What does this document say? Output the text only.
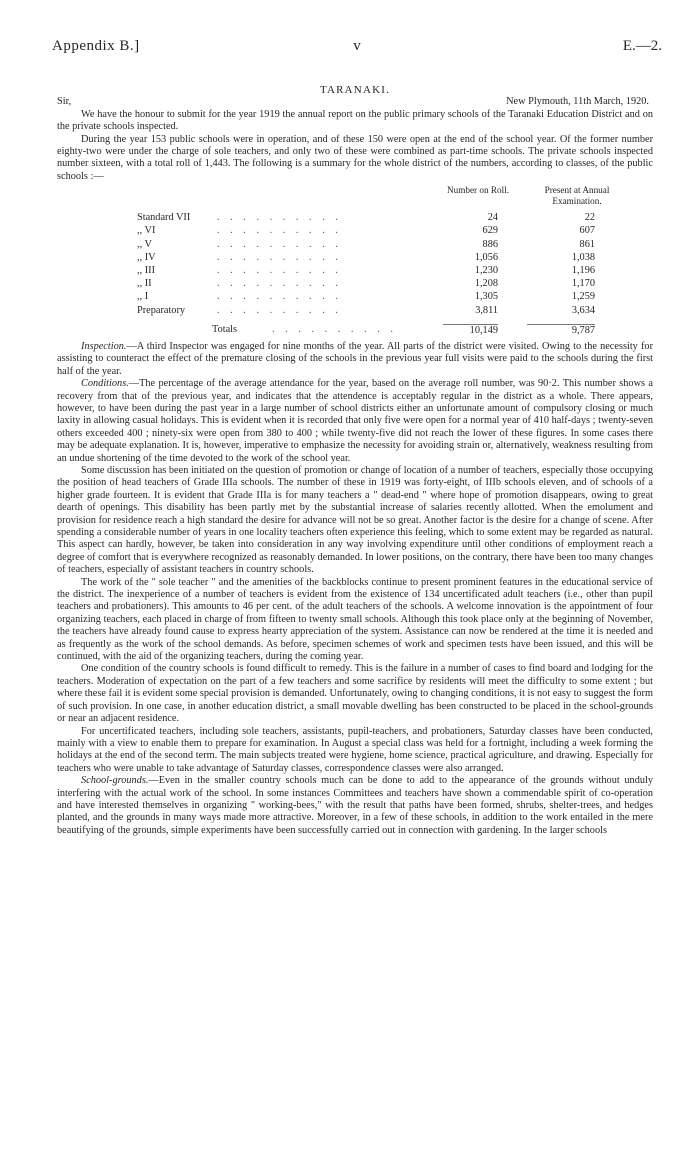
Appendix B.]	v	E.—2.
TARANAKI.
Sir,	New Plymouth, 11th March, 1920.

We have the honour to submit for the year 1919 the annual report on the public primary schools of the Taranaki Education District and on the private schools inspected.

During the year 153 public schools were in operation, and of these 150 were open at the end of the school year. Of the former number eighty-two were under the charge of sole teachers, and only two of these were combined as part-time schools. The private schools inspected number sixteen, with a total roll of 1,443. The following is a summary for the whole district of the numbers, according to classes, of the public schools :—

Number on Roll.	Present at Annual Examination.
Standard VII	. . . . . . . . . .	24	22
,, VI	. . . . . . . . . .	629	607
,, V	. . . . . . . . . .	886	861
,, IV	. . . . . . . . . .	1,056	1,038
,, III	. . . . . . . . . .	1,230	1,196
,, II	. . . . . . . . . .	1,208	1,170
,, I	. . . . . . . . . .	1,305	1,259
Preparatory	. . . . . . . . . .	3,811	3,634
Totals	. . . . . . . . . .	10,149	9,787

Inspection.—A third Inspector was engaged for nine months of the year. All parts of the district were visited. Owing to the necessity for assisting to counteract the effect of the premature closing of the schools in the previous year full visits were paid to the schools during the first half of the year.

Conditions.—The percentage of the average attendance for the year, based on the average roll number, was 90·2. This number shows a recovery from that of the previous year, and indicates that the attendence is acceptably regular in the district as a whole. There appears, however, to have been during the past year in a large number of school districts either an unfortunate amount of compulsory closing or much laxity in allowing casual holidays. This is evident when it is recorded that only five were open for a normal year of 410 half-days ; twenty-seven others exceeded 400 ; ninety-six were open from 380 to 400 ; while twenty-five did not reach the lower of these figures. In some cases there may be adequate explanation. It is, however, imperative to emphasize the necessity for avoiding strain or, alternatively, weakness resulting from an undue shortening of the time devoted to the work of the school year.

Some discussion has been initiated on the question of promotion or change of location of a number of teachers, especially those occupying the position of head teachers of Grade IIIa schools. The number of these in 1919 was forty-eight, of IIIb schools eleven, and of schools of a higher grade fourteen. It is evident that Grade IIIa is for many teachers a " dead-end " where hope of promotion disappears, owing to great dearth of openings. This disability has been partly met by the substantial increase of salaries recently allotted. When the emolument and provision for residence reach a high standard the desire for advance will not be so great. Another factor is the desire for a change of scene. After spending a considerable number of years in one locality teachers often experience this feeling, which to some extent may be regarded as natural. This aspect can hardly, however, be taken into consideration in any way involving expenditure until other conditions of employment reach a degree of comfort that is everywhere recognized as reasonably demanded. In lower positions, on the contrary, there have been too many changes of teachers, especially of assistant teachers in country schools.

The work of the " sole teacher " and the amenities of the backblocks continue to present prominent features in the educational service of the district. The inexperience of a number of teachers is evident from the existence of 134 uncertificated adult teachers (i.e., other than pupil teachers and probationers). This amounts to 46 per cent. of the adult teachers of the schools. A welcome innovation is the appointment of four organizing teachers, each placed in charge of from fifteen to twenty small schools. Although this took place only at the beginning of November, the teachers have already found cause to express hearty appreciation of the system. Assistance can now be rendered at the time it is needed and as frequently as the work of the school demands. As before, specimen schemes of work and specimen tests have been issued, and this will be continued, with the aid of the organizing teachers, during the coming year.

One condition of the country schools is found difficult to remedy. This is the failure in a number of cases to find board and lodging for the teachers. Moderation of expectation on the part of a few teachers and some sacrifice by residents will meet the difficulty to some extent ; but where these fail it is evident some special provision is demanded. Unfortunately, owing to changing conditions, it is not easy to suggest the form of such provision. In one case, in another education district, a small movable dwelling has been constructed to be placed in the school-grounds or near an adjacent residence.

For uncertificated teachers, including sole teachers, assistants, pupil-teachers, and probationers, Saturday classes have been conducted, mainly with a view to enable them to prepare for examination. In August a special class was held for a fortnight, including a week forming the holidays at the end of the second term. The main subjects treated were hygiene, home science, practical agriculture, and drawing. Especially for teachers who were unable to take advantage of Saturday classes, correspondence classes were also arranged.

School-grounds.—Even in the smaller country schools much can be done to add to the appearance of the grounds without unduly interfering with the actual work of the school. In some instances Committees and teachers have shown a commendable spirit of co-operation and have interested themselves in organizing " working-bees," with the result that paths have been formed, shrubs, shelter-trees, and hedges planted, and the grounds in many ways made more attractive. Moreover, in a few of these schools, in addition to the work entailed in the mere beautifying of the grounds, simple experiments have been successfully carried out in connection with gardening. In the larger schools
